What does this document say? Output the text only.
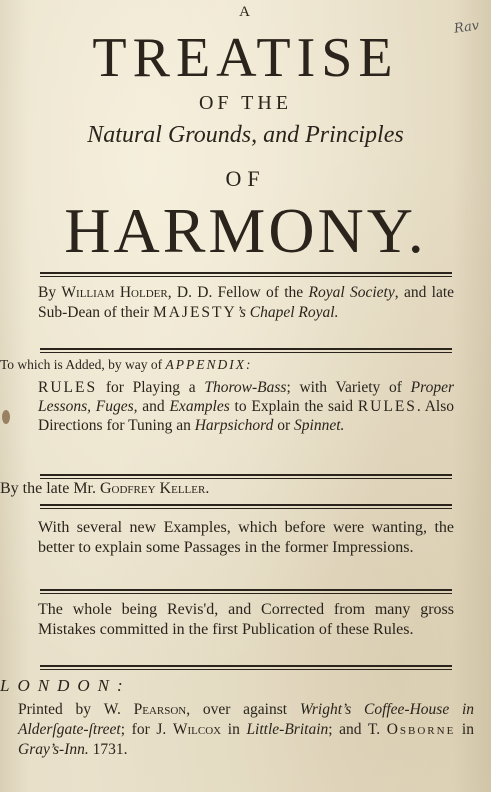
Rav
A
TREATISE
OF THE
Natural Grounds, and Principles
OF
HARMONY.
By William Holder, D. D. Fellow of the Royal Society, and late Sub-Dean of their MAJESTY’s Chapel Royal.
To which is Added, by way of APPENDIX:
RULES for Playing a Thorow-Bass; with Variety of Proper Lessons, Fuges, and Examples to Explain the said RULES. Also Directions for Tuning an Harpsichord or Spinnet.
By the late Mr. Godfrey Keller.
With several new Examples, which before were wanting, the better to explain some Passages in the former Impressions.
The whole being Revis'd, and Corrected from many gross Mistakes committed in the first Publication of these Rules.
LONDON:
Printed by W. Pearson, over against Wright’s Coffee-House in Alderſgate-ſtreet; for J. Wilcox in Little-Britain; and T. Osborne in Gray’s-Inn. 1731.
